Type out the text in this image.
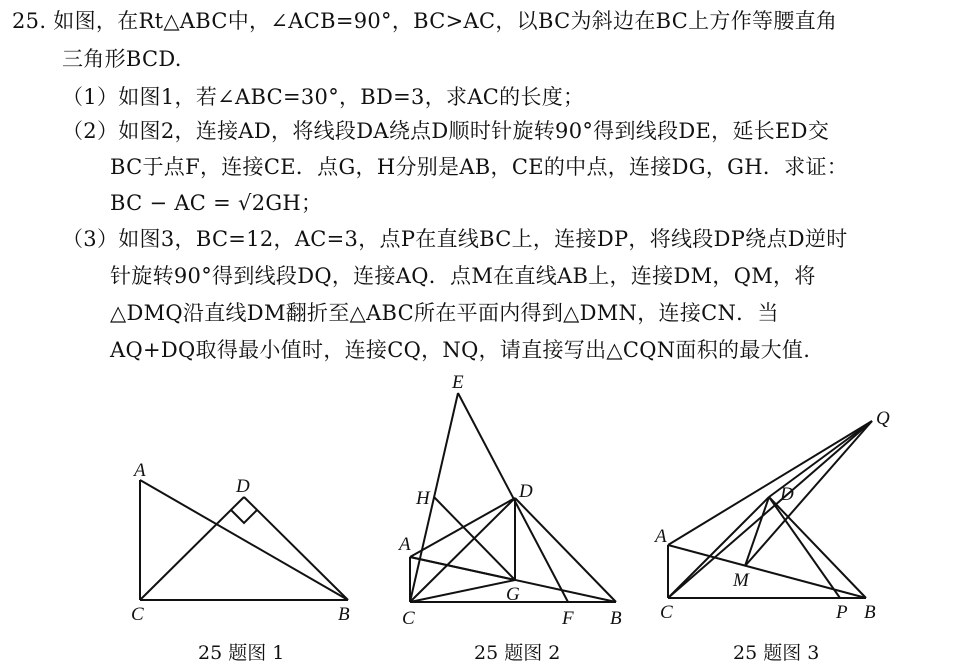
25. 如图，在Rt△ABC中，∠ACB=90°，BC>AC，以BC为斜边在BC上方作等腰直角
三角形BCD.
（1）如图1，若∠ABC=30°，BD=3，求AC的长度；
（2）如图2，连接AD，将线段DA绕点D顺时针旋转90°得到线段DE，延长ED交
BC于点F，连接CE．点G，H分别是AB，CE的中点，连接DG，GH．求证：
BC − AC = √2GH；
（3）如图3，BC=12，AC=3，点P在直线BC上，连接DP，将线段DP绕点D逆时
针旋转90°得到线段DQ，连接AQ．点M在直线AB上，连接DM，QM，将
△DMQ沿直线DM翻折至△ABC所在平面内得到△DMN，连接CN．当
AQ+DQ取得最小值时，连接CQ，NQ，请直接写出△CQN面积的最大值.
A
D
C	B
E
H	D
A
G
C	F B
Q
D
A
M
C	P B
25 题图 1	25 题图 2	25 题图 3
